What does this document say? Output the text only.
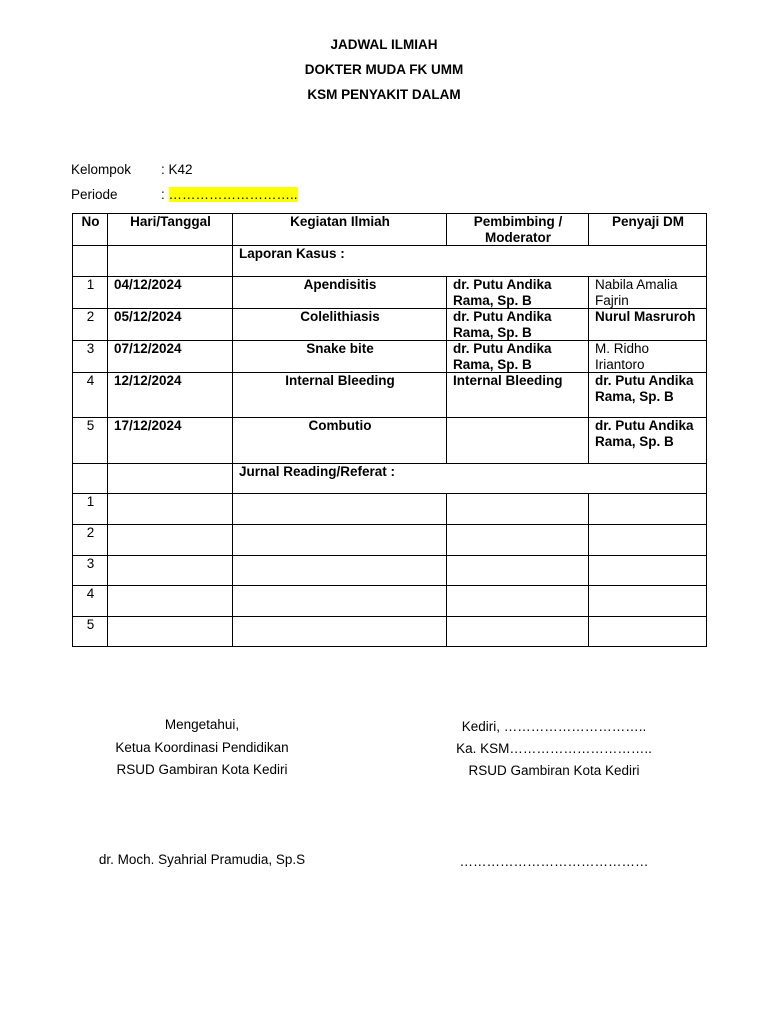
JADWAL ILMIAH
DOKTER MUDA FK UMM
KSM PENYAKIT DALAM
Kelompok : K42
Periode	: ………………………..
No	Hari/Tanggal	Kegiatan Ilmiah	Pembimbing / Moderator	Penyaji DM
		Laporan Kasus :		
1	04/12/2024	Apendisitis	dr. Putu Andika Rama, Sp. B	Nabila Amalia Fajrin
2	05/12/2024	Colelithiasis	dr. Putu Andika Rama, Sp. B	Nurul Masruroh
3	07/12/2024	Snake bite	dr. Putu Andika Rama, Sp. B	M. Ridho Iriantoro
4	12/12/2024	Internal Bleeding	Internal Bleeding	dr. Putu Andika Rama, Sp. B
5	17/12/2024	Combutio		dr. Putu Andika Rama, Sp. B
		Jurnal Reading/Referat :		
1				
2				
3				
4				
5				
Mengetahui,
Ketua Koordinasi Pendidikan
RSUD Gambiran Kota Kediri
dr. Moch. Syahrial Pramudia, Sp.S
Kediri, …………………………..
Ka. KSM…………………………..
RSUD Gambiran Kota Kediri
……………………………………
